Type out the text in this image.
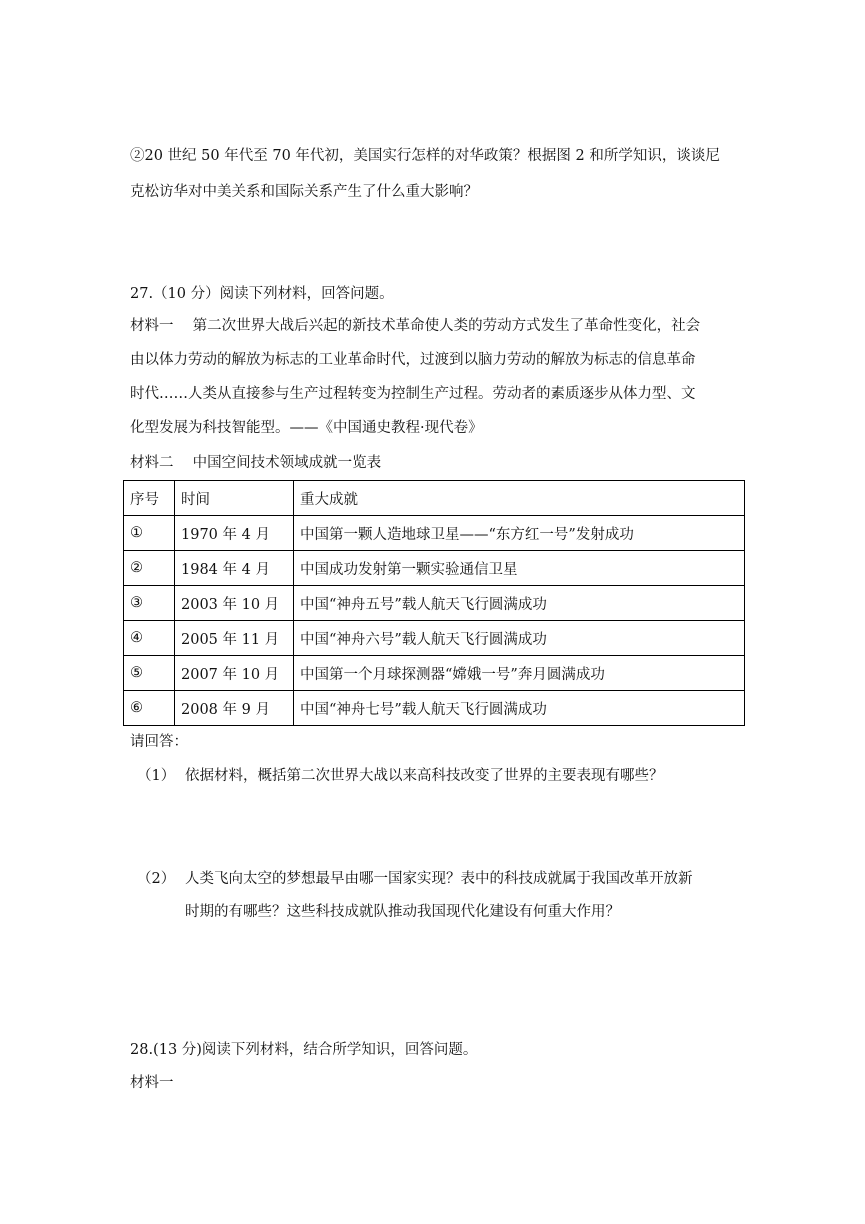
②20 世纪 50 年代至 70 年代初，美国实行怎样的对华政策？根据图 2 和所学知识，谈谈尼
克松访华对中美关系和国际关系产生了什么重大影响？
27.（10 分）阅读下列材料，回答问题。
材料一　 第二次世界大战后兴起的新技术革命使人类的劳动方式发生了革命性变化，社会
由以体力劳动的解放为标志的工业革命时代，过渡到以脑力劳动的解放为标志的信息革命
时代……人类从直接参与生产过程转变为控制生产过程。劳动者的素质逐步从体力型、文
化型发展为科技智能型。——《中国通史教程·现代卷》
材料二　 中国空间技术领域成就一览表
序号	时间	重大成就
①	1970 年 4 月	中国第一颗人造地球卫星——“东方红一号”发射成功
②	1984 年 4 月	中国成功发射第一颗实验通信卫星
③	2003 年 10 月	中国“神舟五号”载人航天飞行圆满成功
④	2005 年 11 月	中国“神舟六号”载人航天飞行圆满成功
⑤	2007 年 10 月	中国第一个月球探测器“嫦娥一号”奔月圆满成功
⑥	2008 年 9 月	中国“神舟七号”载人航天飞行圆满成功
请回答：
（1） 依据材料，概括第二次世界大战以来高科技改变了世界的主要表现有哪些？
（2） 人类飞向太空的梦想最早由哪一国家实现？表中的科技成就属于我国改革开放新
时期的有哪些？这些科技成就队推动我国现代化建设有何重大作用？
28.(13 分)阅读下列材料，结合所学知识，回答问题。
材料一
